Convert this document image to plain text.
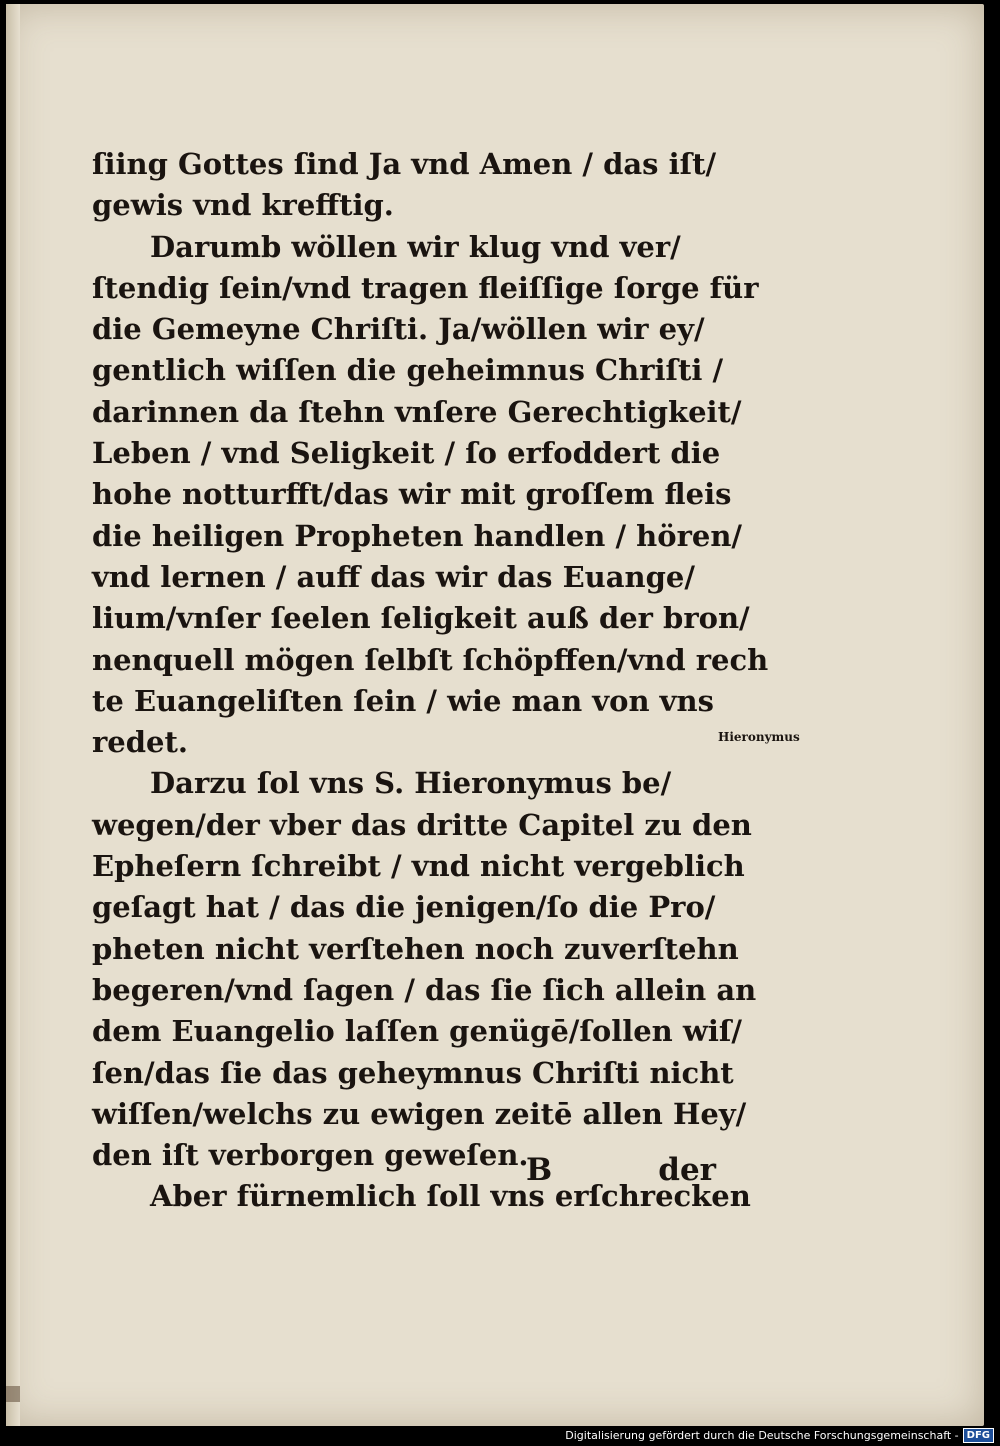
ſiing Gottes ſind Ja vnd Amen / das iſt/
gewis vnd krefftig.
Darumb wöllen wir klug vnd ver/
ſtendig ſein/vnd tragen fleiſſige ſorge für
die Gemeyne Chriſti. Ja/wöllen wir ey/
gentlich wiſſen die geheimnus Chriſti /
darinnen da ſtehn vnſere Gerechtigkeit/
Leben / vnd Seligkeit / ſo erfoddert die
hohe notturfft/das wir mit groſſem fleis
die heiligen Propheten handlen / hören/
vnd lernen / auff das wir das Euange/
lium/vnſer ſeelen ſeligkeit auß der bron/
nenquell mögen ſelbſt ſchöpffen/vnd rech
te Euangeliſten ſein / wie man von vns
redet.
Darzu ſol vns S. Hieronymus be/
wegen/der vber das dritte Capitel zu den
Epheſern ſchreibt / vnd nicht vergeblich
geſagt hat / das die jenigen/ſo die Pro/
pheten nicht verſtehen noch zuverſtehn
begeren/vnd ſagen / das ſie ſich allein an
dem Euangelio laſſen genügē/ſollen wiſ/
ſen/das ſie das geheymnus Chriſti nicht
wiſſen/welchs zu ewigen zeitē allen Hey/
den iſt verborgen geweſen.
Aber fürnemlich ſoll vns erſchrecken
Hieronymus
B	der
Digitalisierung gefördert durch die Deutsche Forschungsgemeinschaft - DFG
